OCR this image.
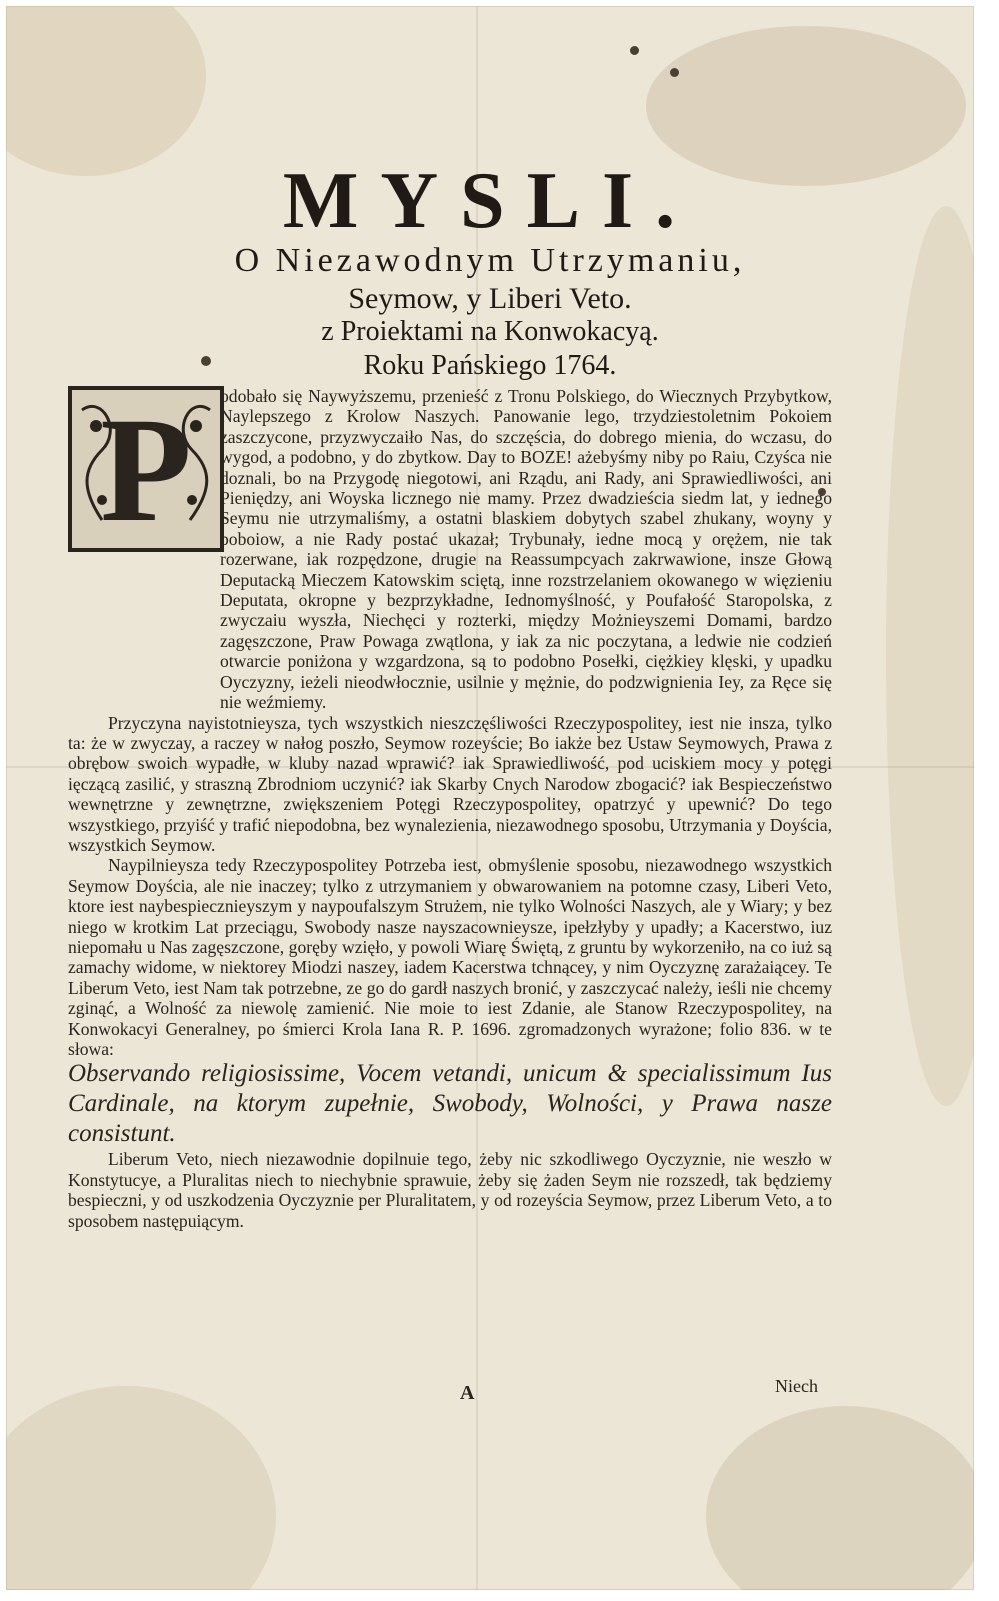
MYSLI.

O Niezawodnym Utrzymaniu,

Seymow, y Liberi Veto.

z Proiektami na Konwokacyą.

Roku Pańskiego 1764.

P	odobało się Naywyższemu, przenieść z Tronu Polskiego, do Wiecznych Przybytkow, Naylepszego z Krolow Naszych. Panowanie lego, trzydziestoletnim Pokoiem zaszczycone, przyzwyczaiło Nas, do szczęścia, do dobrego mienia, do wczasu, do wygod, a podobno, y do zbytkow. Day to BOZE! ażebyśmy niby po Raiu, Czyśca nie doznali, bo na Przygodę niegotowi, ani Rządu, ani Rady, ani Sprawiedliwości, ani Pieniędzy, ani Woyska licznego nie mamy. Przez dwadzieścia siedm lat, y iednego Seymu nie utrzymaliśmy, a ostatni blaskiem dobytych szabel zhukany, woyny y poboiow, a nie Rady postać ukazał; Trybunały, iedne mocą y orężem, nie tak rozerwane, iak rozpędzone, drugie na Reassumpcyach zakrwawione, insze Głową Deputacką Mieczem Katowskim sciętą, inne rozstrzelaniem okowanego w więzieniu Deputata, okropne y bezprzykładne, Iednomyślność, y Poufałość Staropolska, z zwyczaiu wyszła, Niechęci y rozterki, między Możnieyszemi Domami, bardzo zagęszczone, Praw Powaga zwątlona, y iak za nic poczytana, a ledwie nie codzień otwarcie poniżona y wzgardzona, są to podobno Posełki, ciężkiey klęski, y upadku Oyczyzny, ieżeli nieodwłocznie, usilnie y mężnie, do podzwignienia Iey, za Ręce się nie weźmiemy.

Przyczyna nayistotnieysza, tych wszystkich nieszczęśliwości Rzeczypospolitey, iest nie insza, tylko ta: że w zwyczay, a raczey w nałog poszło, Seymow rozeyście; Bo iakże bez Ustaw Seymowych, Prawa z obrębow swoich wypadłe, w kluby nazad wprawić? iak Sprawiedliwość, pod uciskiem mocy y potęgi ięczącą zasilić, y straszną Zbrodniom uczynić? iak Skarby Cnych Narodow zbogacić? iak Bespieczeństwo wewnętrzne y zewnętrzne, zwiększeniem Potęgi Rzeczypospolitey, opatrzyć y upewnić? Do tego wszystkiego, przyiść y trafić niepodobna, bez wynalezienia, niezawodnego sposobu, Utrzymania y Doyścia, wszystkich Seymow.

Naypilnieysza tedy Rzeczypospolitey Potrzeba iest, obmyślenie sposobu, niezawodnego wszystkich Seymow Doyścia, ale nie inaczey; tylko z utrzymaniem y obwarowaniem na potomne czasy, Liberi Veto, ktore iest naybespiecznieyszym y naypoufalszym Strużem, nie tylko Wolności Naszych, ale y Wiary; y bez niego w krotkim Lat przeciągu, Swobody nasze nayszacownieysze, ipełzłyby y upadły; a Kacerstwo, iuz niepomału u Nas zagęszczone, goręby wzięło, y powoli Wiarę Świętą, z gruntu by wykorzeniło, na co iuż są zamachy widome, w niektorey Miodzi naszey, iadem Kacerstwa tchnącey, y nim Oyczyznę zarażaiącey. Te Liberum Veto, iest Nam tak potrzebne, ze go do gardł naszych bronić, y zaszczycać należy, ieśli nie chcemy zginąć, a Wolność za niewolę zamienić. Nie moie to iest Zdanie, ale Stanow Rzeczypospolitey, na Konwokacyi Generalney, po śmierci Krola Iana R. P. 1696. zgromadzonych wyrażone; folio 836. w te słowa:

Observando religiosissime, Vocem vetandi, unicum & specialissimum Ius Cardinale, na ktorym zupełnie, Swobody, Wolności, y Prawa nasze consistunt.

Liberum Veto, niech niezawodnie dopilnuie tego, żeby nic szkodliwego Oyczyznie, nie weszło w Konstytucye, a Pluralitas niech to niechybnie sprawuie, żeby się żaden Seym nie rozszedł, tak będziemy bespieczni, y od uszkodzenia Oyczyznie per Pluralitatem, y od rozeyścia Seymow, przez Liberum Veto, a to sposobem następuiącym.

Niech
A
